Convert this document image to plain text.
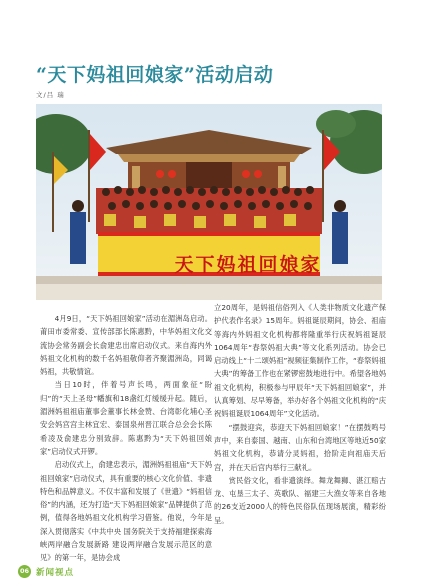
“天下妈祖回娘家”活动启动
文/吕 瑞
天下妈祖回娘家

4月9日，“天下妈祖回娘家”活动在湄洲岛启动。莆田市委常委、宣传部部长陈惠黔，中华妈祖文化交流协会常务副会长俞建忠出席启动仪式。来自海内外妈祖文化机构的数千名妈祖敬仰者齐聚湄洲岛，同谒妈祖，共敬情谊。

当日10时，伴着号声长鸣，两面象征“盼归”的“天上圣母”幡旗和18盏红灯缓缓升起。随后，湄洲妈祖祖庙董事会董事长林金赞、台湾彰化埔心圣安会妈宫宫主林宜宏、泰国泉州晋江联合总会会长陈希凌及俞建忠分别致辞。陈惠黔为“天下妈祖回娘家”启动仪式开锣。

启动仪式上，俞建忠表示，湄洲妈祖祖庙“天下妈祖回娘家”启动仪式，具有重要的核心文化价值、非遗特色和品牌意义。不仅丰富和发展了《世遗》“妈祖信俗”的内涵，还为打造“天下妈祖回娘家”品牌提供了范例，值得各地妈祖文化机构学习借鉴。他说，今年是深入贯彻落实《中共中央 国务院关于支持福建探索海峡两岸融合发展新路 建设两岸融合发展示范区的意见》的第一年，是协会成

立20周年，是妈祖信俗列入《人类非物质文化遗产保护代表作名录》15周年。妈祖诞辰期间，协会、祖庙等海内外妈祖文化机构都将隆重举行庆祝妈祖诞辰1064周年“春祭妈祖大典”等文化系列活动。协会已启动线上“十二颂妈祖”视频征集制作工作，“春祭妈祖大典”的筹备工作也在紧锣密鼓地进行中。希望各地妈祖文化机构，积极参与甲辰年“天下妈祖回娘家”，并认真筹划、尽早筹备，举办好各个妈祖文化机构的“庆祝妈祖诞辰1064周年”文化活动。

“摆鼓迎宾，恭迎天下妈祖回娘家！”在摆鼓鸣号声中，来自泰国、越南、山东和台湾地区等地近50家妈祖文化机构，恭请分灵妈祖，拾阶走向祖庙天后宫，并在天后宫内举行三献礼。

赏民俗文化，看非遗演绎。舞龙舞狮、湛江赔古龙、屯垦三太子、英歌队、福建三大渔女等来自各地的26支近2000人的特色民俗队伍现场展演，精彩纷呈。

06 新闻视点
